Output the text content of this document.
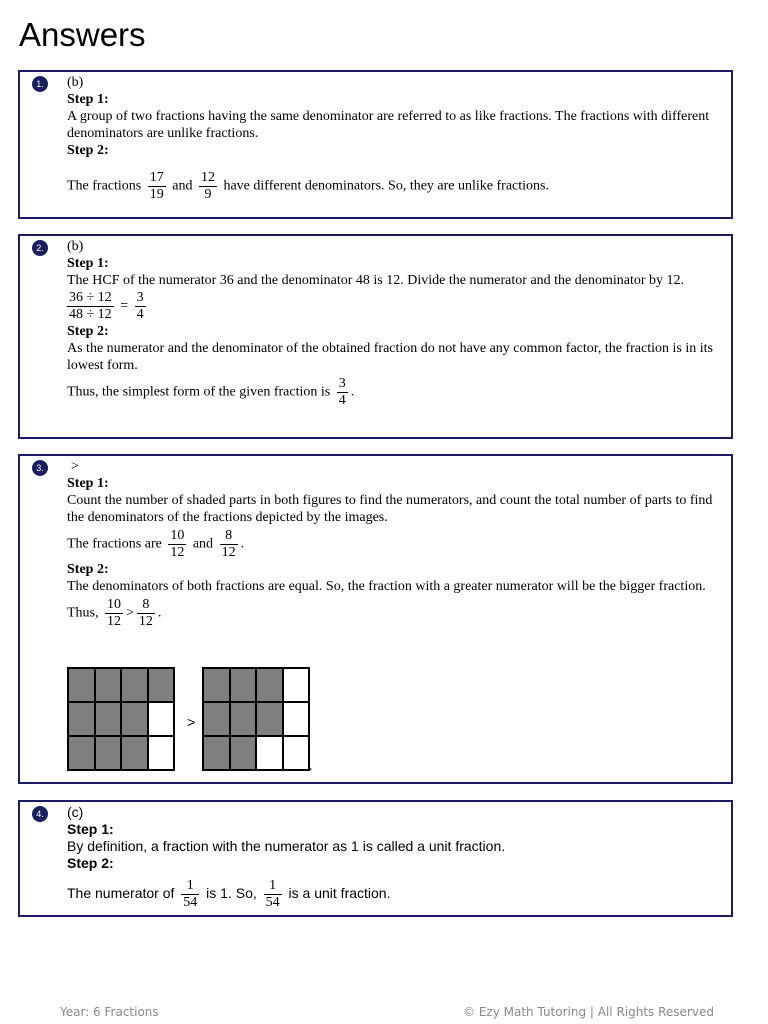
Answers
1.	(b)

Step 1:

A group of two fractions having the same denominator are referred to as like fractions. The fractions with different denominators are unlike fractions.

Step 2:

The fractions $\frac{17}{19}$ and $\frac{12}{9}$ have different denominators. So, they are unlike fractions.

2.	(b)

Step 1:

The HCF of the numerator 36 and the denominator 48 is 12. Divide the numerator and the denominator by 12.

$\frac{36 \div 12}{48 \div 12} = \frac{3}{4}$

Step 2:

As the numerator and the denominator of the obtained fraction do not have any common factor, the fraction is in its lowest form.

Thus, the simplest form of the given fraction is $\frac{3}{4}$ .

3.	>

Step 1:

Count the number of shaded parts in both figures to find the numerators, and count the total number of parts to find the denominators of the fractions depicted by the images.

The fractions are $\frac{10}{12}$ and $\frac{8}{12}$ .

Step 2:

The denominators of both fractions are equal. So, the fraction with a greater numerator will be the bigger fraction.

Thus, $\frac{10}{12} > \frac{8}{12}$ .

>
.
4.	(c)

Step 1:

By definition, a fraction with the numerator as 1 is called a unit fraction.

Step 2:

The numerator of $\frac{1}{54}$ is 1. So, $\frac{1}{54}$ is a unit fraction.

Year: 6 Fractions	© Ezy Math Tutoring | All Rights Reserved
